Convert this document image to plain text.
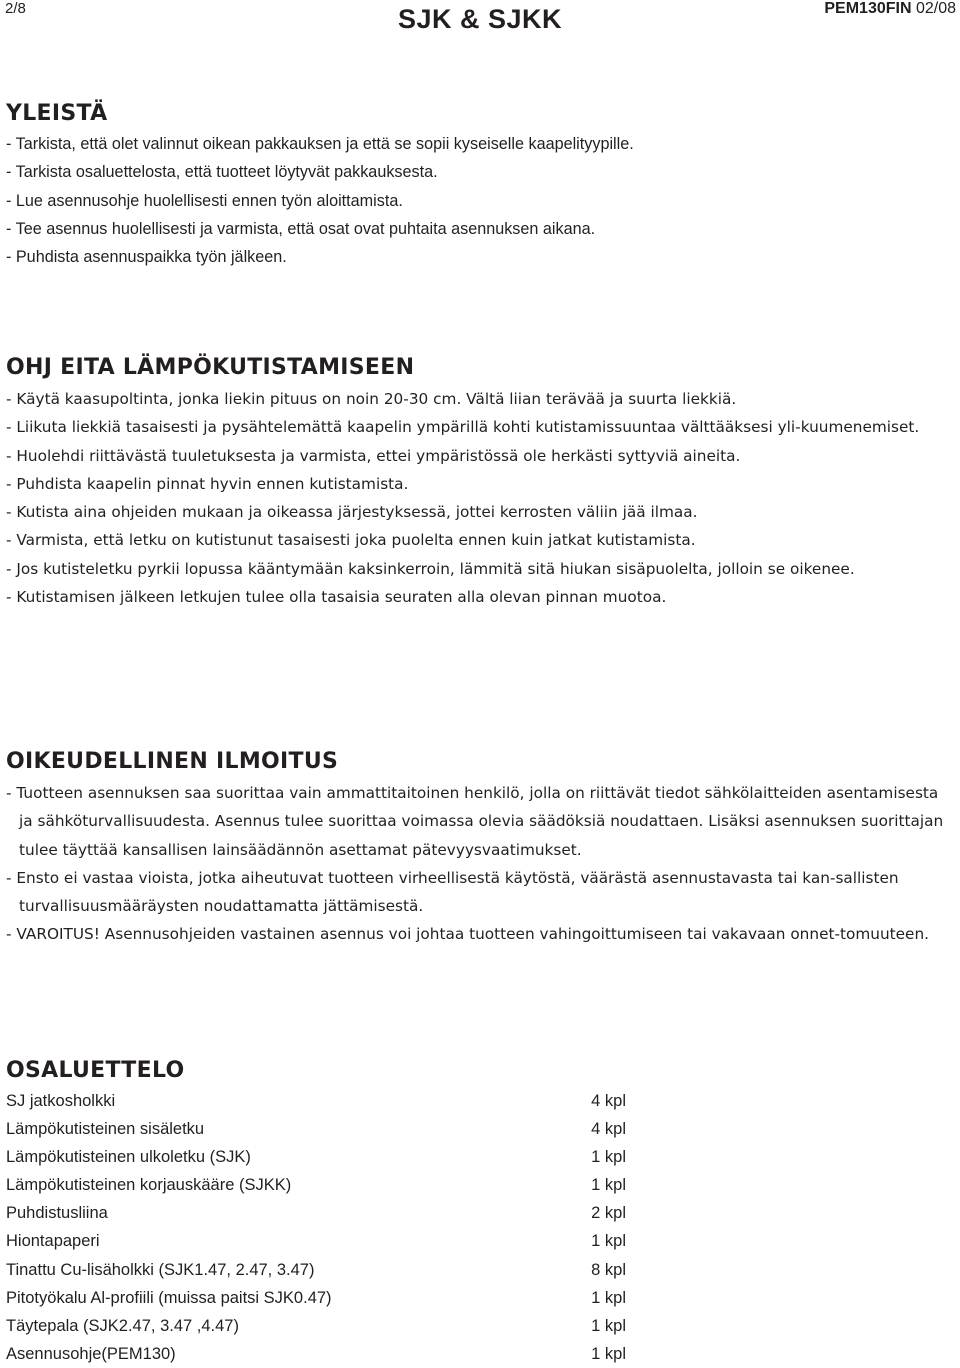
2/8	SJK & SJKK	PEM130FIN 02/08
YLEISTÄ
- Tarkista, että olet valinnut oikean pakkauksen ja että se sopii kyseiselle kaapelityypille.
- Tarkista osaluettelosta, että tuotteet löytyvät pakkauksesta.
- Lue asennusohje huolellisesti ennen työn aloittamista.
- Tee asennus huolellisesti ja varmista, että osat ovat puhtaita asennuksen aikana.
- Puhdista asennuspaikka työn jälkeen.
OHJ EITA LÄMPÖKUTISTAMISEEN
- Käytä kaasupoltinta, jonka liekin pituus on noin 20-30 cm. Vältä liian terävää ja suurta liekkiä.
- Liikuta liekkiä tasaisesti ja pysähtelemättä kaapelin ympärillä kohti kutistamissuuntaa välttääksesi yli-kuumenemiset.
- Huolehdi riittävästä tuuletuksesta ja varmista, ettei ympäristössä ole herkästi syttyviä aineita.
- Puhdista kaapelin pinnat hyvin ennen kutistamista.
- Kutista aina ohjeiden mukaan ja oikeassa järjestyksessä, jottei kerrosten väliin jää ilmaa.
- Varmista, että letku on kutistunut tasaisesti joka puolelta ennen kuin jatkat kutistamista.
- Jos kutisteletku pyrkii lopussa kääntymään kaksinkerroin, lämmitä sitä hiukan sisäpuolelta, jolloin se oikenee.
- Kutistamisen jälkeen letkujen tulee olla tasaisia seuraten alla olevan pinnan muotoa.
OIKEUDELLINEN ILMOITUS
- Tuotteen asennuksen saa suorittaa vain ammattitaitoinen henkilö, jolla on riittävät tiedot sähkölaitteiden asentamisesta ja sähköturvallisuudesta. Asennus tulee suorittaa voimassa olevia säädöksiä noudattaen. Lisäksi asennuksen suorittajan tulee täyttää kansallisen lainsäädännön asettamat pätevyysvaatimukset.
- Ensto ei vastaa vioista, jotka aiheutuvat tuotteen virheellisestä käytöstä, väärästä asennustavasta tai kan-sallisten turvallisuusmääräysten noudattamatta jättämisestä.
- VAROITUS! Asennusohjeiden vastainen asennus voi johtaa tuotteen vahingoittumiseen tai vakavaan onnet-tomuuteen.
OSALUETTELO
SJ jatkosholkki	4 kpl
Lämpökutisteinen sisäletku	4 kpl
Lämpökutisteinen ulkoletku (SJK)	1 kpl
Lämpökutisteinen korjauskääre (SJKK)	1 kpl
Puhdistusliina	2 kpl
Hiontapaperi	1 kpl
Tinattu Cu-lisäholkki (SJK1.47, 2.47, 3.47)	8 kpl
Pitotyökalu Al-profiili (muissa paitsi SJK0.47)	1 kpl
Täytepala (SJK2.47, 3.47 ,4.47)	1 kpl
Asennusohje(PEM130)	1 kpl
